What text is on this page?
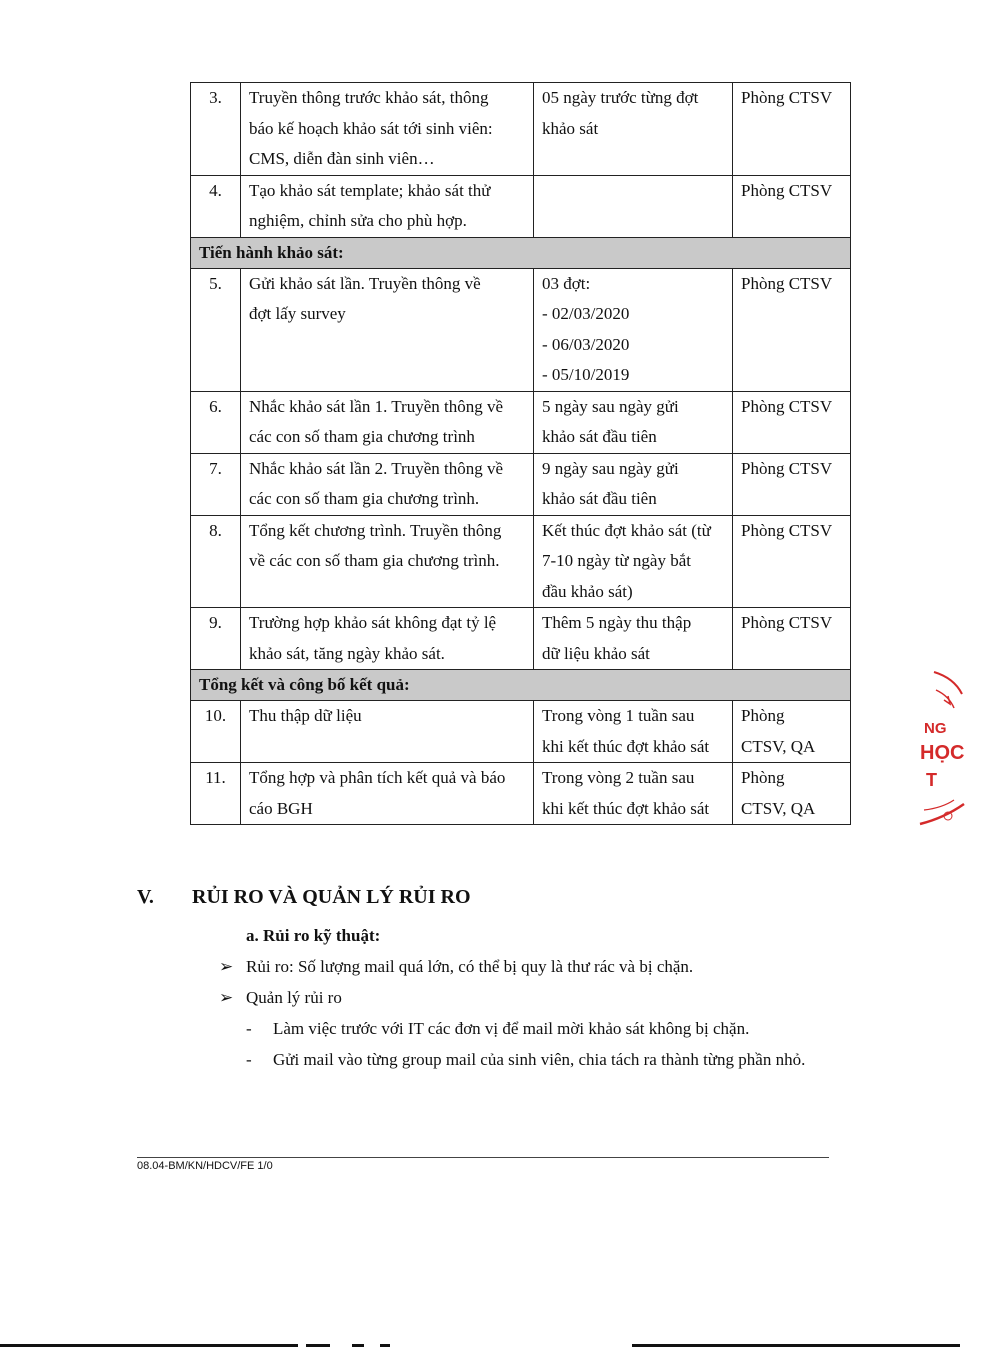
3.	Truyền thông trước khảo sát, thông
báo kế hoạch khảo sát tới sinh viên:
CMS, diễn đàn sinh viên…	05 ngày trước từng đợt
khảo sát	Phòng CTSV

4.	Tạo khảo sát template; khảo sát thử
nghiệm, chỉnh sửa cho phù hợp.		Phòng CTSV

Tiến hành khảo sát:			
5.	Gửi khảo sát lần. Truyền thông về
đợt lấy survey	03 đợt:
- 02/03/2020
- 06/03/2020
- 05/10/2019	Phòng CTSV

6.	Nhắc khảo sát lần 1. Truyền thông về
các con số tham gia chương trình	5 ngày sau ngày gửi
khảo sát đầu tiên	Phòng CTSV

7.	Nhắc khảo sát lần 2. Truyền thông về
các con số tham gia chương trình.	9 ngày sau ngày gửi
khảo sát đầu tiên	Phòng CTSV

8.	Tổng kết chương trình. Truyền thông
về các con số tham gia chương trình.	Kết thúc đợt khảo sát (từ
7-10 ngày từ ngày bắt
đầu khảo sát)	Phòng CTSV

9.	Trường hợp khảo sát không đạt tỷ lệ
khảo sát, tăng ngày khảo sát.	Thêm 5 ngày thu thập
dữ liệu khảo sát	Phòng CTSV

Tổng kết và công bố kết quả:			
10.	Thu thập dữ liệu	Trong vòng 1 tuần sau
khi kết thúc đợt khảo sát	Phòng
CTSV, QA

11.	Tổng hợp và phân tích kết quả và báo
cáo BGH	Trong vòng 2 tuần sau
khi kết thúc đợt khảo sát	Phòng
CTSV, QA
NG
HỌC
T
V. RỦI RO VÀ QUẢN LÝ RỦI RO
a. Rủi ro kỹ thuật:
➢ Rủi ro: Số lượng mail quá lớn, có thể bị quy là thư rác và bị chặn.
➢ Quản lý rủi ro
- Làm việc trước với IT các đơn vị để mail mời khảo sát không bị chặn.
- Gửi mail vào từng group mail của sinh viên, chia tách ra thành từng phần nhỏ.
08.04-BM/KN/HDCV/FE 1/0
